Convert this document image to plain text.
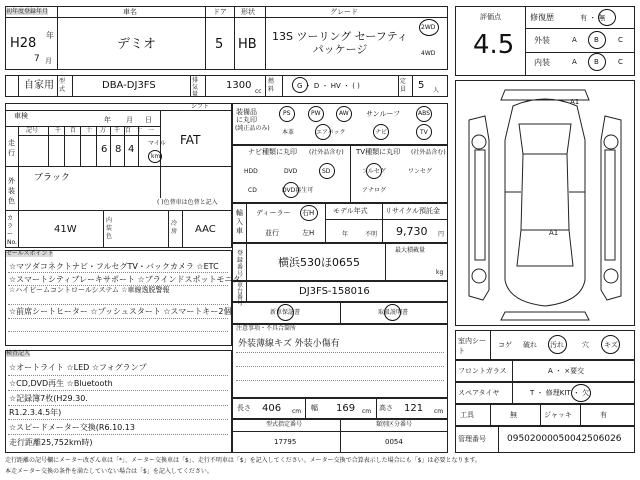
初年度登録年月	車名	ドア 形状	グレード
H28
年
7 月
デミオ	5 HB
13S ツーリング セーフティパッケージ
2WD
4WD
評価点
4.5
修復歴	有 ・ 無
外装	A B	C
内装	A B	C
自家用 型式	DBA-DJ3FS	排気量
1300
cc
燃料	G ・ D ・ HV ・ ( )
定員	5 人
シフト
車検	年 月 日
FAT
走行
記号	千 百 十 万 千 百 十 一
6 8 4
マイル
km
外装色
ブラック
( )色替車は色替と記入
カラーNo.
41W
内装色
冷房 AAC
装備品に丸印
(純正品のみ)
PS	PW	AW サンルーフ	ABS
本革	エアバック	ナビ	TV
ナビ種類に丸印 (社外品含む)
HDD	DVD	SD
CD	DVD再生可
TV種類に丸印 (社外品含む)
フルセグ	ワンセグ
アナログ
輸入車
ディーラー 右H
並行	左H
モデル年式
年	不明
リサイクル預託金
9,730 円
登録番号
横浜530ほ0655
最大積載量
kg
車台番号
DJ3FS-158016
新車保証書	取扱説明書
注意事項・不具合箇所
外装薄線キズ 外装小傷有
長さ 406 cm 幅 169 cm 高さ 121 cm
型式指定番号
17795
類別区分番号
0054
セールスポイント
☆マツダコネクトナビ・フルセグTV・バックカメラ ☆ETC
☆スマートシティブレーキサポート ☆ブラインドスポットモニタ
☆ハイビームコントロールシステム ☆車線逸脱警報
☆前席シートヒーター ☆プッシュスタート ☆スマートキー2個
検査記入
☆オートライト ☆LED ☆フォグランプ
☆CD,DVD再生 ☆Bluetooth
☆記録簿7枚(H29.30.
R1.2.3.4.5年)
☆スピードメーター交換(R6.10.13
走行距離25,752km時)
A1
A1
室内シート
コゲ 破れ 汚れ	穴 キズ
フロントガラス	A ・ ×要交
スペアタイヤ	T ・ 修理KIT ・ 欠
工具	無	ジャッキ	有
管理番号 09502000050042506026
走行距離の記号欄にメーター改ざん車は「*」、メーター交換車は「$」、走行不明車は「$」を記入してください。メーター交換で合算表示した場合にも「$」は必要となります。
本走メーター交換の条件を満たしていない場合は「$」を記入してください。
